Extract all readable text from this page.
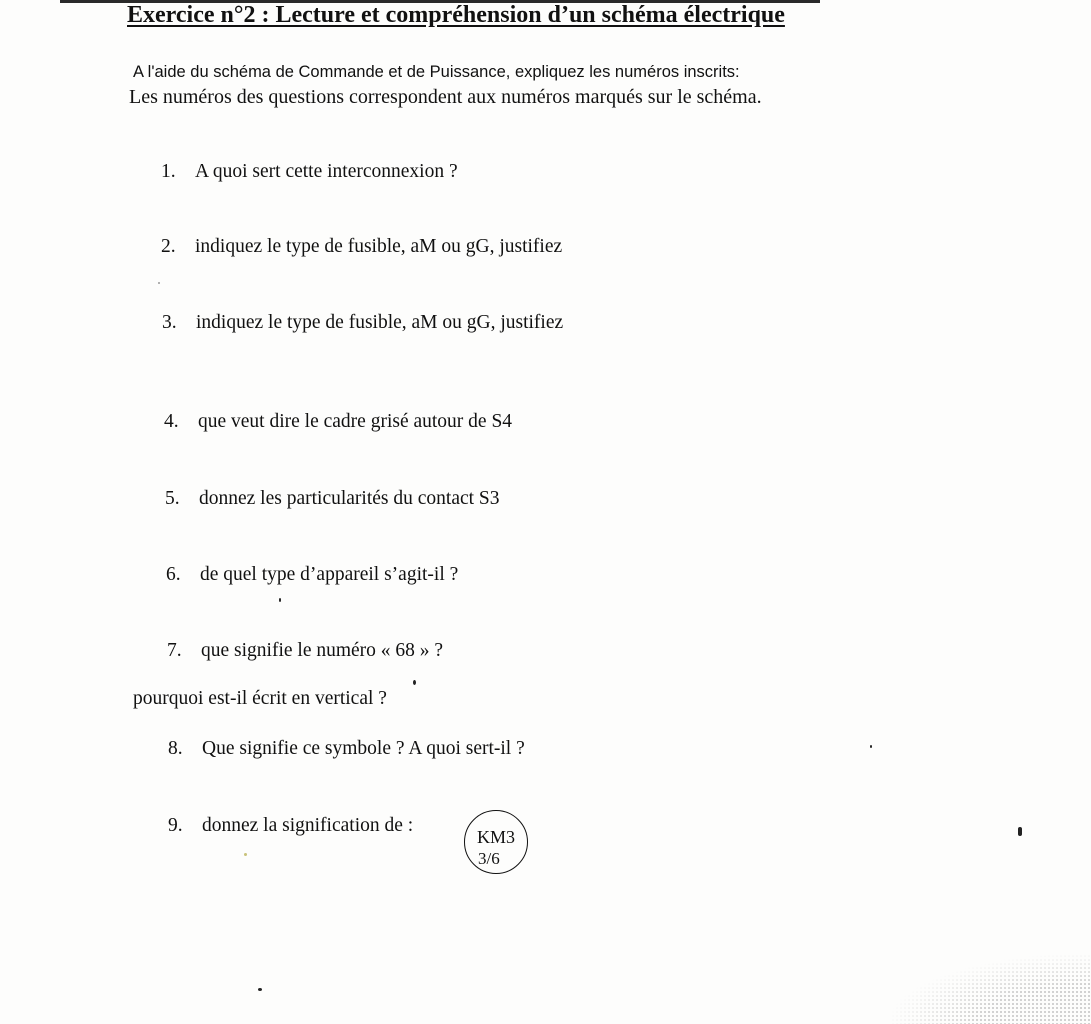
Exercice n°2 : Lecture et compréhension d’un schéma électrique
A l'aide du schéma de Commande et de Puissance, expliquez les numéros inscrits:
Les numéros des questions correspondent aux numéros marqués sur le schéma.
1. A quoi sert cette interconnexion ?
2. indiquez le type de fusible, aM ou gG, justifiez
3. indiquez le type de fusible, aM ou gG, justifiez
4. que veut dire le cadre grisé autour de S4
5. donnez les particularités du contact S3
6. de quel type d’appareil s’agit-il ?
7. que signifie le numéro « 68 » ?
pourquoi est-il écrit en vertical ?
8. Que signifie ce symbole ? A quoi sert-il ?
9. donnez la signification de :
KM3
3/6
